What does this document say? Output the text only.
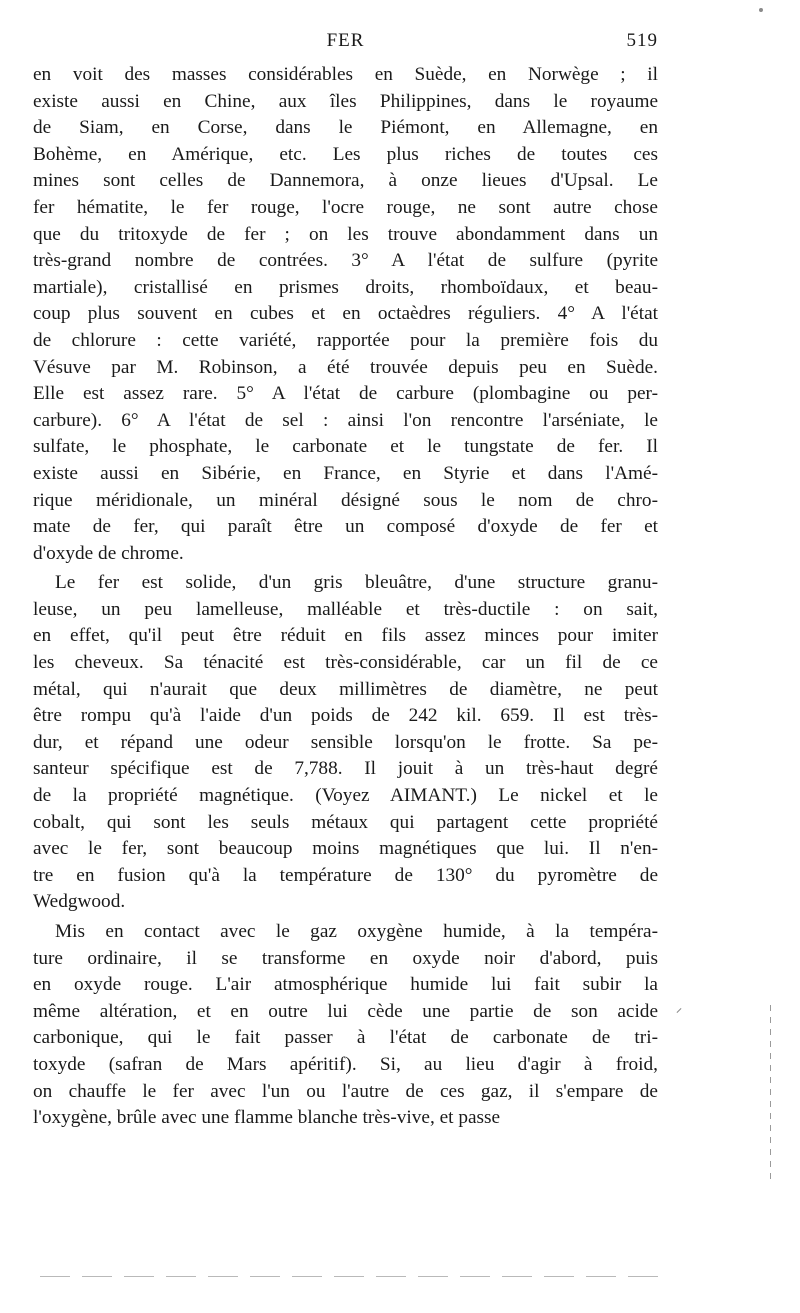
FER	519
en voit des masses considérables en Suède, en Norwège ; il
existe aussi en Chine, aux îles Philippines, dans le royaume
de Siam, en Corse, dans le Piémont, en Allemagne, en
Bohème, en Amérique, etc. Les plus riches de toutes ces
mines sont celles de Dannemora, à onze lieues d'Upsal. Le
fer hématite, le fer rouge, l'ocre rouge, ne sont autre chose
que du tritoxyde de fer ; on les trouve abondamment dans un
très-grand nombre de contrées. 3° A l'état de sulfure (pyrite
martiale), cristallisé en prismes droits, rhomboïdaux, et beau-
coup plus souvent en cubes et en octaèdres réguliers. 4° A l'état
de chlorure : cette variété, rapportée pour la première fois du
Vésuve par M. Robinson, a été trouvée depuis peu en Suède.
Elle est assez rare. 5° A l'état de carbure (plombagine ou per-
carbure). 6° A l'état de sel : ainsi l'on rencontre l'arséniate, le
sulfate, le phosphate, le carbonate et le tungstate de fer. Il
existe aussi en Sibérie, en France, en Styrie et dans l'Amé-
rique méridionale, un minéral désigné sous le nom de chro-
mate de fer, qui paraît être un composé d'oxyde de fer et
d'oxyde de chrome.
Le fer est solide, d'un gris bleuâtre, d'une structure granu-
leuse, un peu lamelleuse, malléable et très-ductile : on sait,
en effet, qu'il peut être réduit en fils assez minces pour imiter
les cheveux. Sa ténacité est très-considérable, car un fil de ce
métal, qui n'aurait que deux millimètres de diamètre, ne peut
être rompu qu'à l'aide d'un poids de 242 kil. 659. Il est très-
dur, et répand une odeur sensible lorsqu'on le frotte. Sa pe-
santeur spécifique est de 7,788. Il jouit à un très-haut degré
de la propriété magnétique. (Voyez AIMANT.) Le nickel et le
cobalt, qui sont les seuls métaux qui partagent cette propriété
avec le fer, sont beaucoup moins magnétiques que lui. Il n'en-
tre en fusion qu'à la température de 130° du pyromètre de
Wedgwood.
Mis en contact avec le gaz oxygène humide, à la tempéra-
ture ordinaire, il se transforme en oxyde noir d'abord, puis
en oxyde rouge. L'air atmosphérique humide lui fait subir la
même altération, et en outre lui cède une partie de son acide
carbonique, qui le fait passer à l'état de carbonate de tri-
toxyde (safran de Mars apéritif). Si, au lieu d'agir à froid,
on chauffe le fer avec l'un ou l'autre de ces gaz, il s'empare de
l'oxygène, brûle avec une flamme blanche très-vive, et passe
